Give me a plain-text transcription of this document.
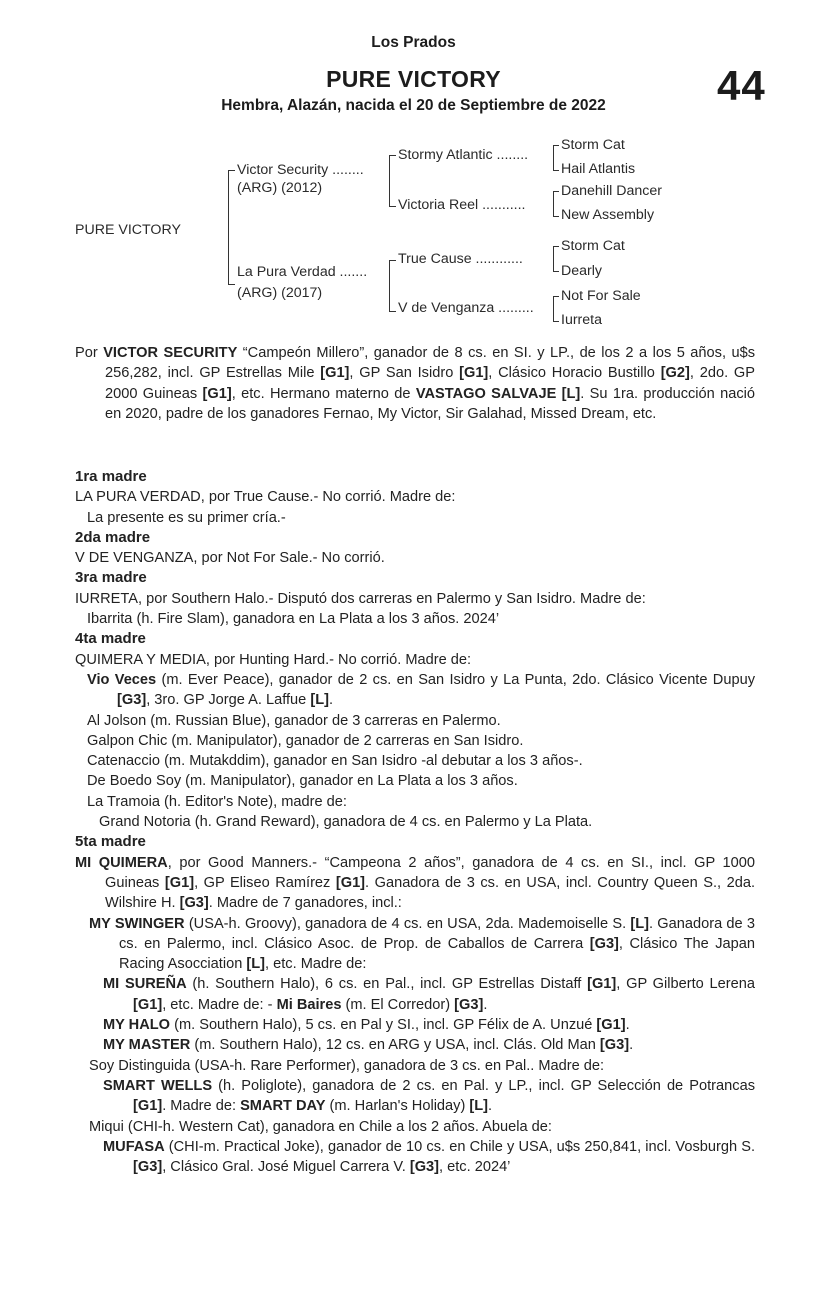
Los Prados
PURE VICTORY
Hembra, Alazán, nacida el 20 de Septiembre de 2022	44
PURE VICTORY
Victor Security ........
(ARG) (2012)
La Pura Verdad .......
(ARG) (2017)
Stormy Atlantic ........
Victoria Reel ...........
True Cause ............
V de Venganza .........
Storm Cat
Hail Atlantis
Danehill Dancer
New Assembly
Storm Cat
Dearly
Not For Sale
Iurreta
Por VICTOR SECURITY “Campeón Millero”, ganador de 8 cs. en SI. y LP., de los 2 a los 5 años, u$s 256,282, incl. GP Estrellas Mile [G1], GP San Isidro [G1], Clásico Horacio Bustillo [G2], 2do. GP 2000 Guineas [G1], etc. Hermano materno de VASTAGO SALVAJE [L]. Su 1ra. producción nació en 2020, padre de los ganadores Fernao, My Victor, Sir Galahad, Missed Dream, etc.
1ra madre
LA PURA VERDAD, por True Cause.- No corrió. Madre de:
La presente es su primer cría.-
2da madre
V DE VENGANZA, por Not For Sale.- No corrió.
3ra madre
IURRETA, por Southern Halo.- Disputó dos carreras en Palermo y San Isidro. Madre de:
Ibarrita (h. Fire Slam), ganadora en La Plata a los 3 años. 2024’
4ta madre
QUIMERA Y MEDIA, por Hunting Hard.- No corrió. Madre de:
Vio Veces (m. Ever Peace), ganador de 2 cs. en San Isidro y La Punta, 2do. Clásico Vicente Dupuy [G3], 3ro. GP Jorge A. Laffue [L].
Al Jolson (m. Russian Blue), ganador de 3 carreras en Palermo.
Galpon Chic (m. Manipulator), ganador de 2 carreras en San Isidro.
Catenaccio (m. Mutakddim), ganador en San Isidro -al debutar a los 3 años-.
De Boedo Soy (m. Manipulator), ganador en La Plata a los 3 años.
La Tramoia (h. Editor's Note), madre de:
Grand Notoria (h. Grand Reward), ganadora de 4 cs. en Palermo y La Plata.
5ta madre
MI QUIMERA, por Good Manners.- “Campeona 2 años”, ganadora de 4 cs. en SI., incl. GP 1000 Guineas [G1], GP Eliseo Ramírez [G1]. Ganadora de 3 cs. en USA, incl. Country Queen S., 2da. Wilshire H. [G3]. Madre de 7 ganadores, incl.:
MY SWINGER (USA-h. Groovy), ganadora de 4 cs. en USA, 2da. Mademoiselle S. [L]. Ganadora de 3 cs. en Palermo, incl. Clásico Asoc. de Prop. de Caballos de Carrera [G3], Clásico The Japan Racing Asocciation [L], etc. Madre de:
MI SUREÑA (h. Southern Halo), 6 cs. en Pal., incl. GP Estrellas Distaff [G1], GP Gilberto Lerena [G1], etc. Madre de: - Mi Baires (m. El Corredor) [G3].
MY HALO (m. Southern Halo), 5 cs. en Pal y SI., incl. GP Félix de A. Unzué [G1].
MY MASTER (m. Southern Halo), 12 cs. en ARG y USA, incl. Clás. Old Man [G3].
Soy Distinguida (USA-h. Rare Performer), ganadora de 3 cs. en Pal.. Madre de:
SMART WELLS (h. Poliglote), ganadora de 2 cs. en Pal. y LP., incl. GP Selección de Potrancas [G1]. Madre de: SMART DAY (m. Harlan's Holiday) [L].
Miqui (CHI-h. Western Cat), ganadora en Chile a los 2 años. Abuela de:
MUFASA (CHI-m. Practical Joke), ganador de 10 cs. en Chile y USA, u$s 250,841, incl. Vosburgh S. [G3], Clásico Gral. José Miguel Carrera V. [G3], etc. 2024’
